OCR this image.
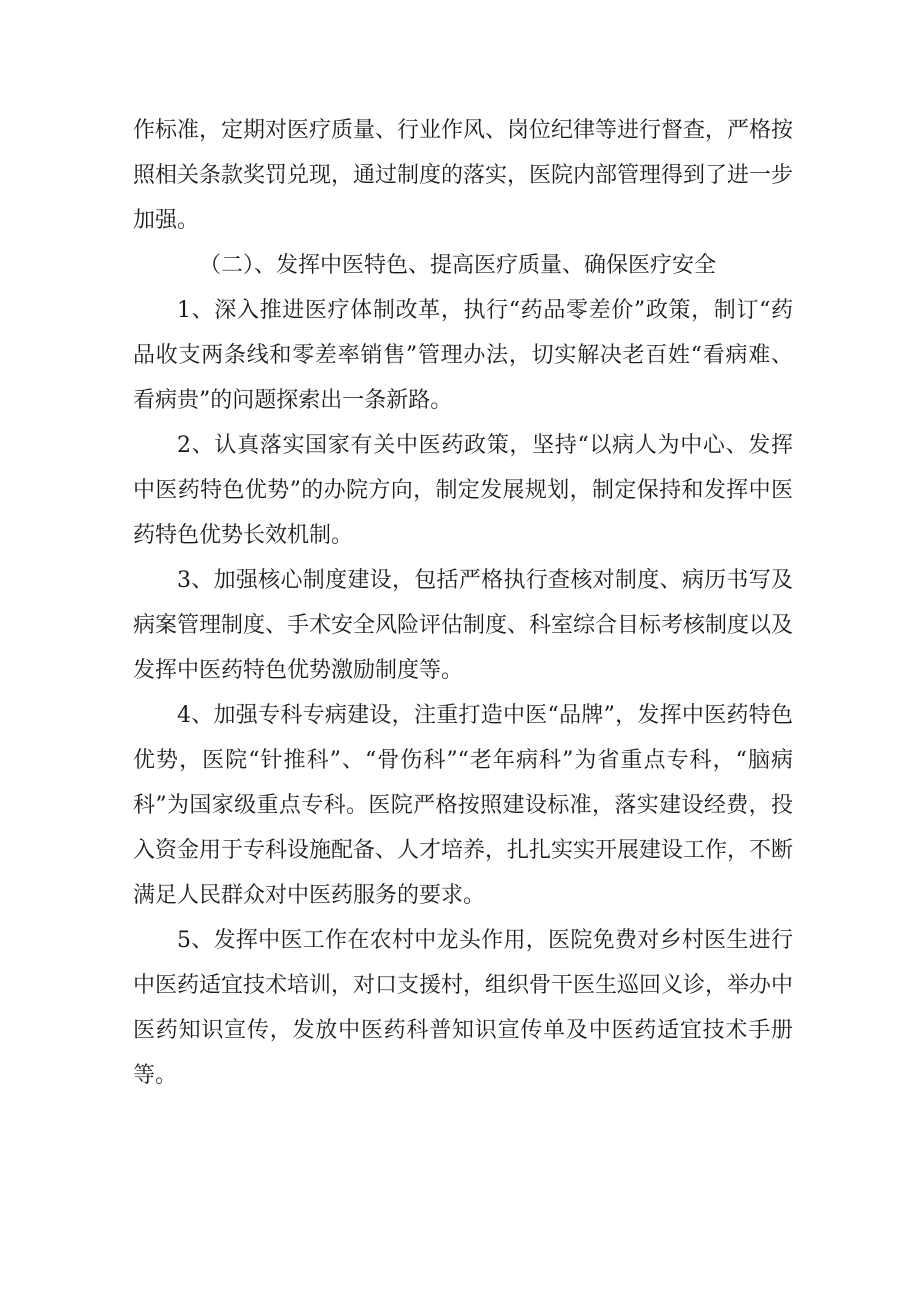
作标准，定期对医疗质量、行业作风、岗位纪律等进行督查，严格按照相关条款奖罚兑现，通过制度的落实，医院内部管理得到了进一步加强。

（二）、发挥中医特色、提高医疗质量、确保医疗安全

1、深入推进医疗体制改革，执行“药品零差价”政策，制订“药品收支两条线和零差率销售”管理办法，切实解决老百姓“看病难、看病贵”的问题探索出一条新路。

2、认真落实国家有关中医药政策，坚持“以病人为中心、发挥中医药特色优势”的办院方向，制定发展规划，制定保持和发挥中医药特色优势长效机制。

3、加强核心制度建设，包括严格执行查核对制度、病历书写及病案管理制度、手术安全风险评估制度、科室综合目标考核制度以及发挥中医药特色优势激励制度等。

4、加强专科专病建设，注重打造中医“品牌”，发挥中医药特色优势，医院“针推科”、“骨伤科”“老年病科”为省重点专科，“脑病科”为国家级重点专科。医院严格按照建设标准，落实建设经费，投入资金用于专科设施配备、人才培养，扎扎实实开展建设工作，不断满足人民群众对中医药服务的要求。

5、发挥中医工作在农村中龙头作用，医院免费对乡村医生进行中医药适宜技术培训，对口支援村，组织骨干医生巡回义诊，举办中医药知识宣传，发放中医药科普知识宣传单及中医药适宜技术手册等。
